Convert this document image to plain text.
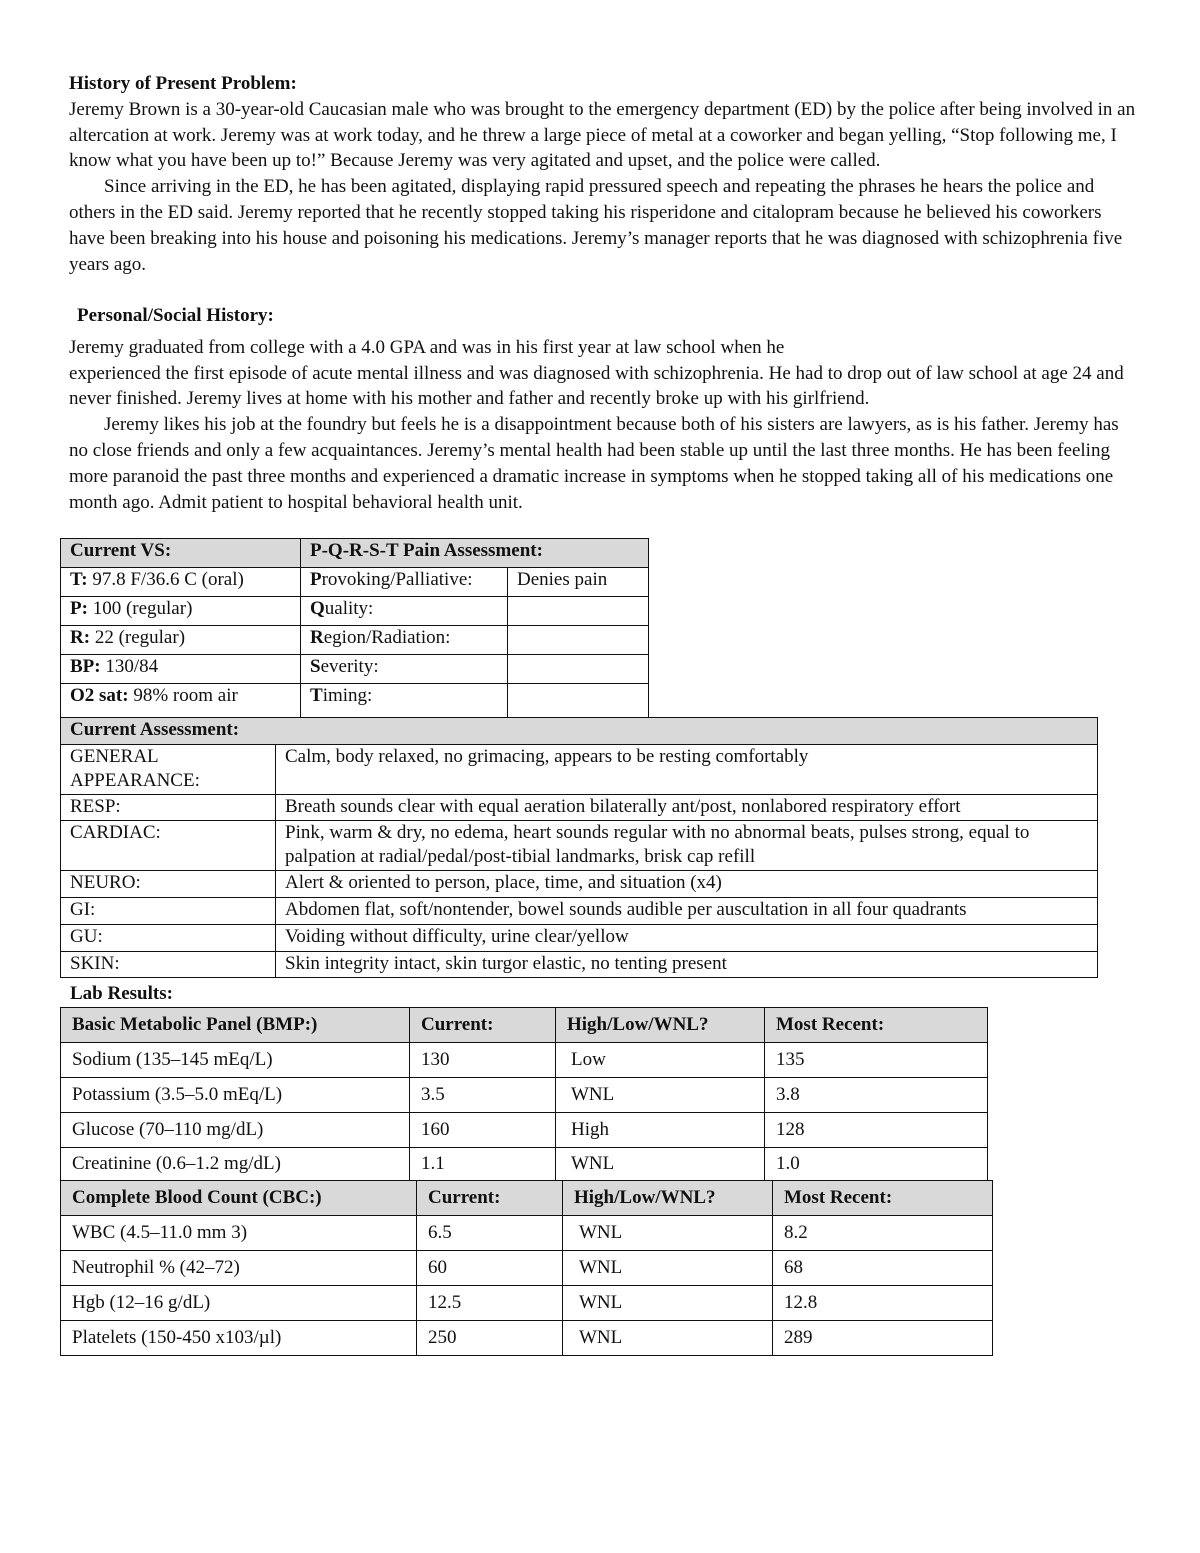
History of Present Problem:

Jeremy Brown is a 30-year-old Caucasian male who was brought to the emergency department (ED) by the police after being involved in an altercation at work. Jeremy was at work today, and he threw a large piece of metal at a coworker and began yelling, “Stop following me, I know what you have been up to!” Because Jeremy was very agitated and upset, and the police were called.

Since arriving in the ED, he has been agitated, displaying rapid pressured speech and repeating the phrases he hears the police and others in the ED said. Jeremy reported that he recently stopped taking his risperidone and citalopram because he believed his coworkers have been breaking into his house and poisoning his medications. Jeremy’s manager reports that he was diagnosed with schizophrenia five years ago.

Personal/Social History:

Jeremy graduated from college with a 4.0 GPA and was in his first year at law school when he

experienced the first episode of acute mental illness and was diagnosed with schizophrenia. He had to drop out of law school at age 24 and never finished. Jeremy lives at home with his mother and father and recently broke up with his girlfriend.

Jeremy likes his job at the foundry but feels he is a disappointment because both of his sisters are lawyers, as is his father. Jeremy has no close friends and only a few acquaintances. Jeremy’s mental health had been stable up until the last three months. He has been feeling more paranoid the past three months and experienced a dramatic increase in symptoms when he stopped taking all of his medications one month ago. Admit patient to hospital behavioral health unit.

Current VS:	P-Q-R-S-T Pain Assessment:	
T: 97.8 F/36.6 C (oral)	Provoking/Palliative:	Denies pain
P: 100 (regular)	Quality:	
R: 22 (regular)	Region/Radiation:	
BP: 130/84	Severity:	
O2 sat: 98% room air	Timing:	
Current Assessment:	
GENERAL APPEARANCE:	Calm, body relaxed, no grimacing, appears to be resting comfortably
RESP:	Breath sounds clear with equal aeration bilaterally ant/post, nonlabored respiratory effort
CARDIAC:	Pink, warm & dry, no edema, heart sounds regular with no abnormal beats, pulses strong, equal to palpation at radial/pedal/post-tibial landmarks, brisk cap refill
NEURO:	Alert & oriented to person, place, time, and situation (x4)
GI:	Abdomen flat, soft/nontender, bowel sounds audible per auscultation in all four quadrants
GU:	Voiding without difficulty, urine clear/yellow
SKIN:	Skin integrity intact, skin turgor elastic, no tenting present
Lab Results:
Basic Metabolic Panel (BMP:)	Current:	High/Low/WNL?	Most Recent:
Sodium (135–145 mEq/L)	130	Low	135
Potassium (3.5–5.0 mEq/L)	3.5	WNL	3.8
Glucose (70–110 mg/dL)	160	High	128
Creatinine (0.6–1.2 mg/dL)	1.1	WNL	1.0
Complete Blood Count (CBC:)	Current:	High/Low/WNL?	Most Recent:
WBC (4.5–11.0 mm 3)	6.5	WNL	8.2
Neutrophil % (42–72)	60	WNL	68
Hgb (12–16 g/dL)	12.5	WNL	12.8
Platelets (150-450 x103/µl)	250	WNL	289
